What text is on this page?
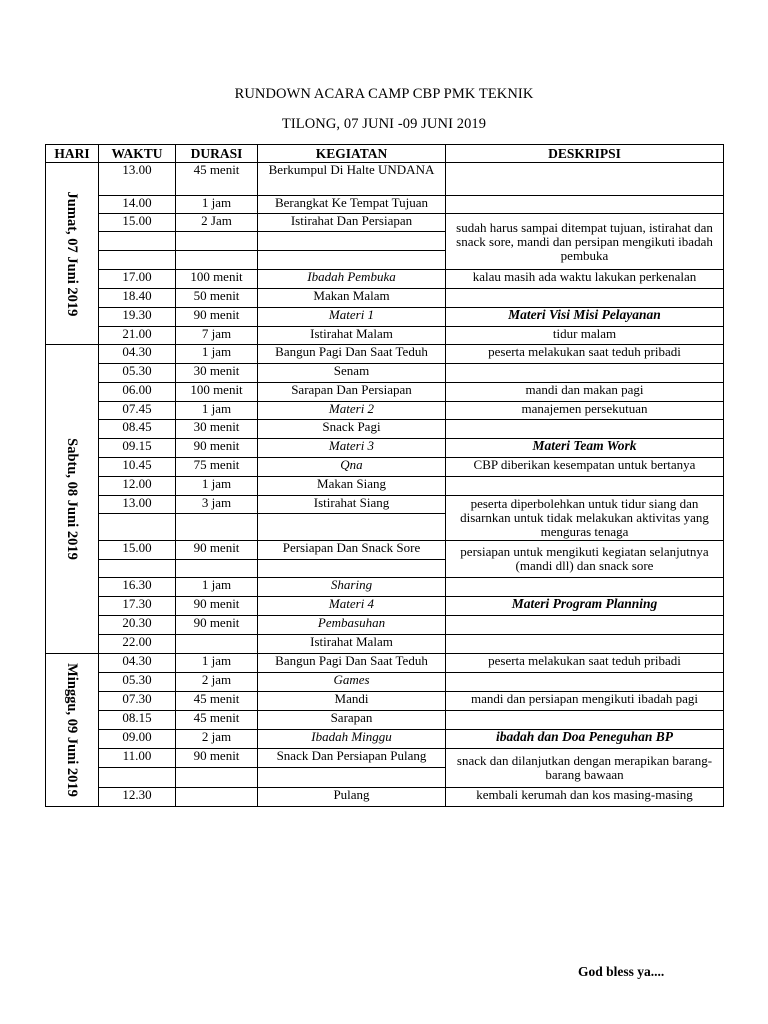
RUNDOWN ACARA CAMP CBP PMK TEKNIK
TILONG, 07 JUNI -09 JUNI 2019
HARI	WAKTU	DURASI	KEGIATAN	DESKRIPSI

Jumat, 07 Juni 2019	13.00	45 menit	Berkumpul Di Halte UNDANA	
	14.00	1 jam	Berangkat Ke Tempat Tujuan	
	15.00	2 Jam	Istirahat Dan Persiapan	sudah harus sampai ditempat tujuan, istirahat dan snack sore, mandi dan persipan mengikuti ibadah pembuka

	17.00	100 menit	Ibadah Pembuka	kalau masih ada waktu lakukan perkenalan
	18.40	50 menit	Makan Malam	
	19.30	90 menit	Materi 1	Materi Visi Misi Pelayanan
	21.00	7 jam	Istirahat Malam	tidur malam

Sabtu, 08 Juni 2019	04.30	1 jam	Bangun Pagi Dan Saat Teduh	peserta melakukan saat teduh pribadi
	05.30	30 menit	Senam	
	06.00	100 menit	Sarapan Dan Persiapan	mandi dan makan pagi
	07.45	1 jam	Materi 2	manajemen persekutuan
	08.45	30 menit	Snack Pagi	
	09.15	90 menit	Materi 3	Materi Team Work
	10.45	75 menit	Qna	CBP diberikan kesempatan untuk bertanya
	12.00	1 jam	Makan Siang	
	13.00	3 jam	Istirahat Siang	peserta diperbolehkan untuk tidur siang dan disarnkan untuk tidak melakukan aktivitas yang menguras tenaga

	15.00	90 menit	Persiapan Dan Snack Sore	persiapan untuk mengikuti kegiatan selanjutnya (mandi dll) dan snack sore

	16.30	1 jam	Sharing	
	17.30	90 menit	Materi 4	Materi Program Planning
	20.30	90 menit	Pembasuhan	
	22.00		Istirahat Malam	

Minggu, 09 Juni 2019	04.30	1 jam	Bangun Pagi Dan Saat Teduh	peserta melakukan saat teduh pribadi
	05.30	2 jam	Games	
	07.30	45 menit	Mandi	mandi dan persiapan mengikuti ibadah pagi
	08.15	45 menit	Sarapan	
	09.00	2 jam	Ibadah Minggu	ibadah dan Doa Peneguhan BP
	11.00	90 menit	Snack Dan Persiapan Pulang	snack dan dilanjutkan dengan merapikan barang-barang bawaan

	12.30		Pulang	kembali kerumah dan kos masing-masing
God bless ya....
